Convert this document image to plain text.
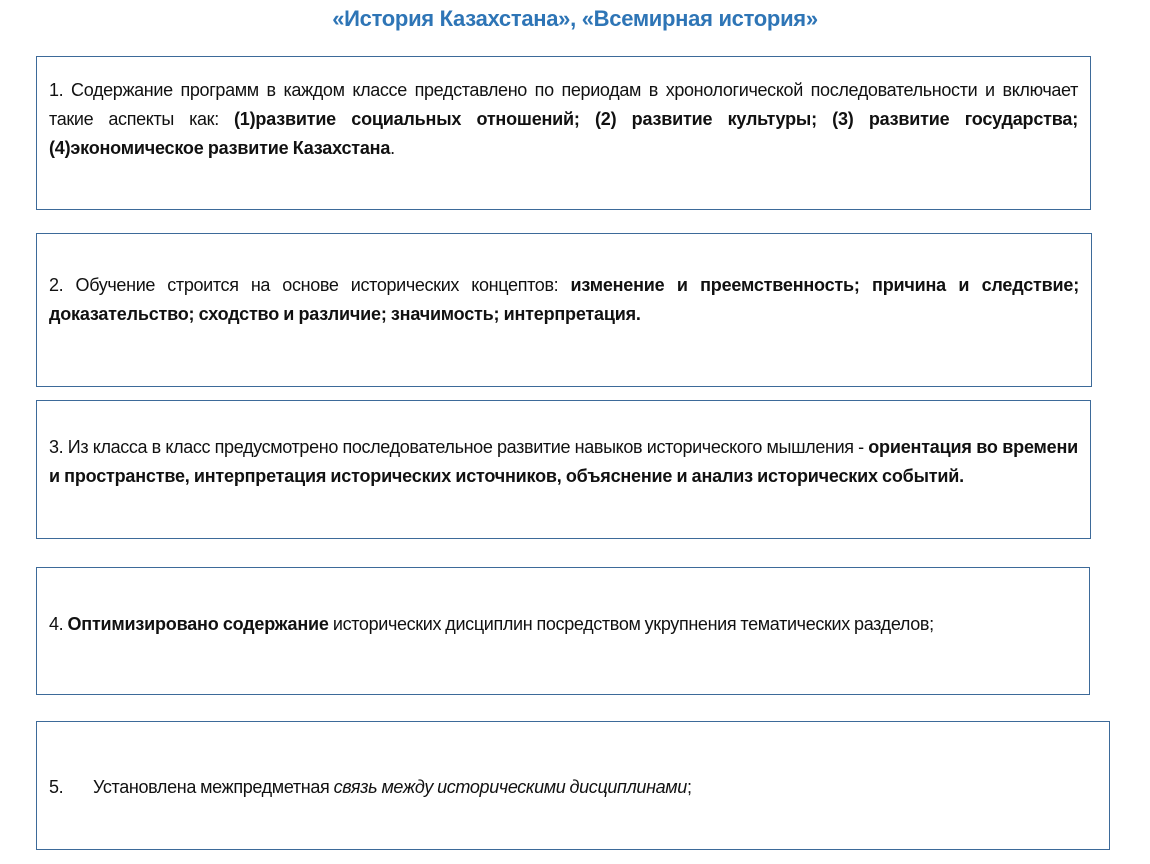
«История Казахстана», «Всемирная история»

1. Содержание программ в каждом классе представлено по периодам в хронологической последовательности и включает такие аспекты как: (1)развитие социальных отношений; (2) развитие культуры; (3) развитие государства; (4)экономическое развитие Казахстана.

2. Обучение строится на основе исторических концептов: изменение и преемственность; причина и следствие; доказательство; сходство и различие; значимость; интерпретация.

3. Из класса в класс предусмотрено последовательное развитие навыков исторического мышления - ориентация во времени и пространстве, интерпретация исторических источников, объяснение и анализ исторических событий.

4. Оптимизировано содержание исторических дисциплин посредством укрупнения тематических разделов;

5. Установлена межпредметная связь между историческими дисциплинами;
